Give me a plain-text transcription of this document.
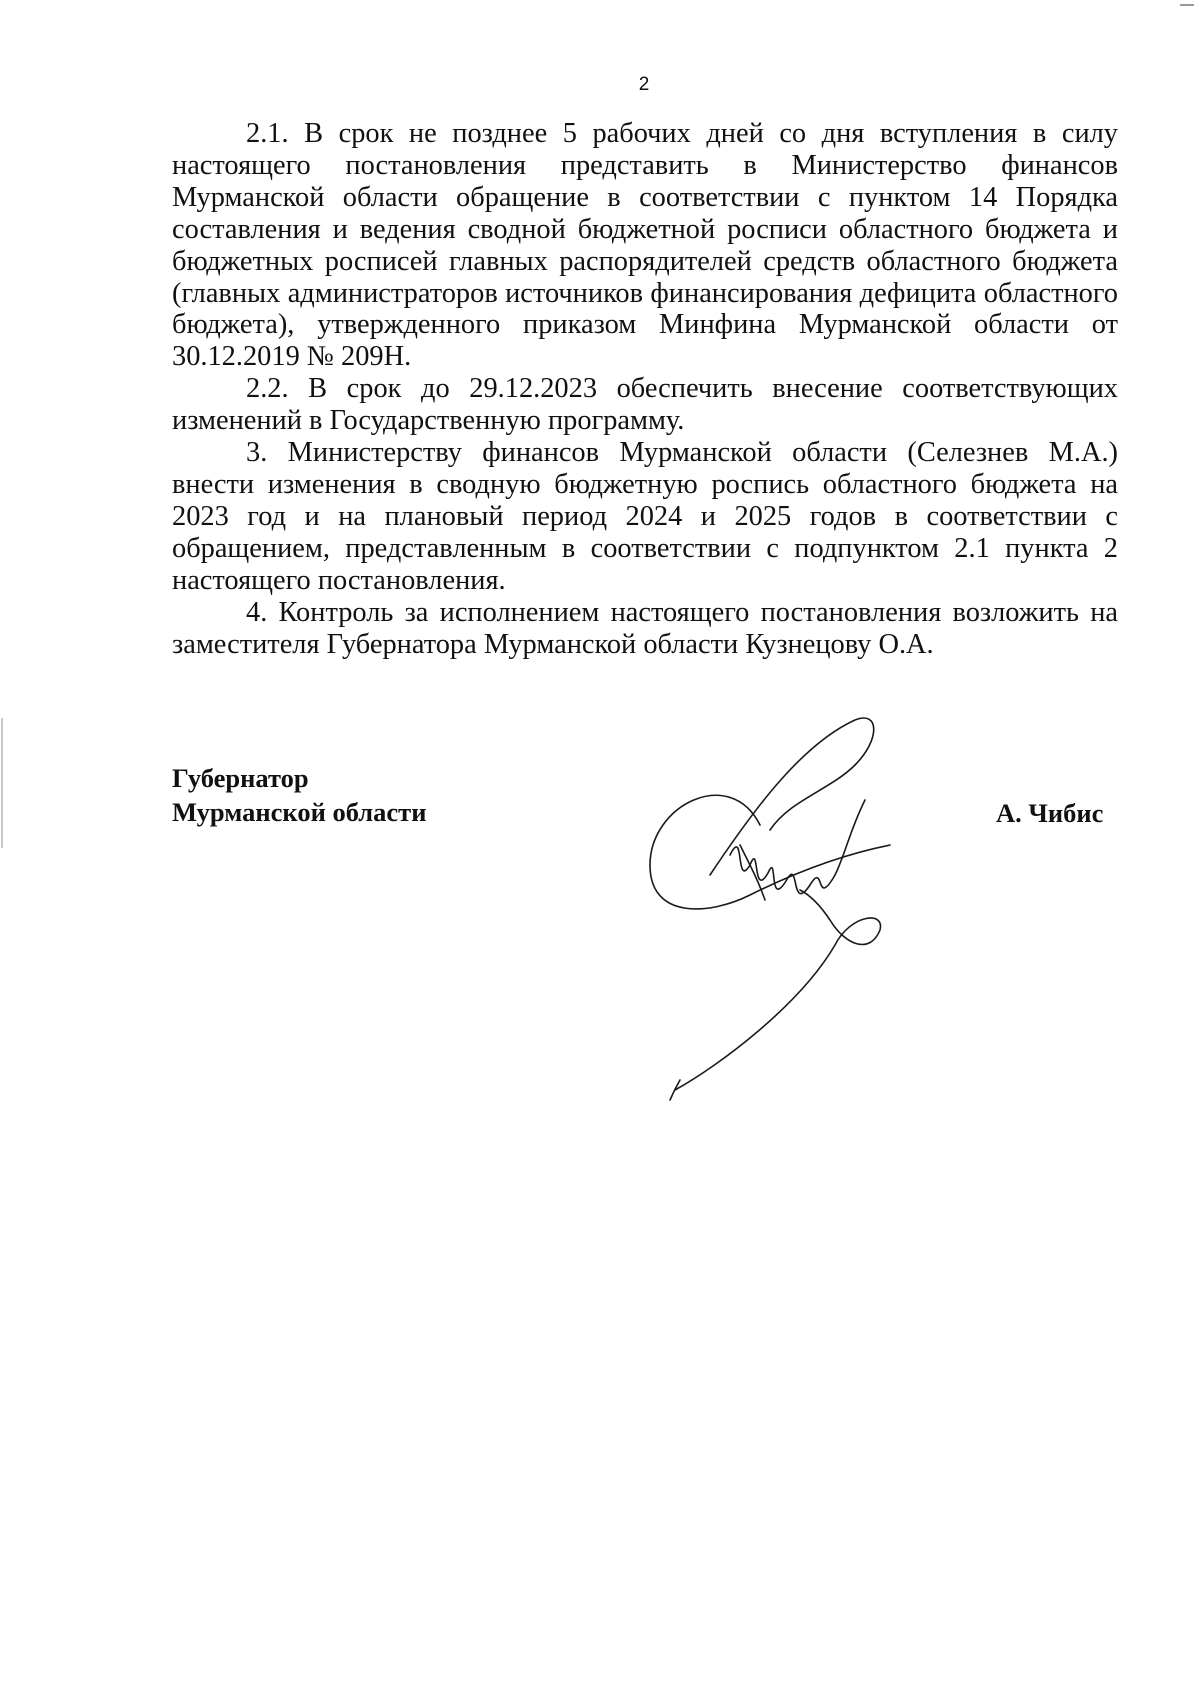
2

2.1. В срок не позднее 5 рабочих дней со дня вступления в силу настоящего постановления представить в Министерство финансов Мурманской области обращение в соответствии с пунктом 14 Порядка составления и ведения сводной бюджетной росписи областного бюджета и бюджетных росписей главных распорядителей средств областного бюджета (главных администраторов источников финансирования дефицита областного бюджета), утвержденного приказом Минфина Мурманской области от 30.12.2019 № 209Н.

2.2. В срок до 29.12.2023 обеспечить внесение соответствующих изменений в Государственную программу.

3. Министерству финансов Мурманской области (Селезнев М.А.) внести изменения в сводную бюджетную роспись областного бюджета на 2023 год и на плановый период 2024 и 2025 годов в соответствии с обращением, представленным в соответствии с подпунктом 2.1 пункта 2 настоящего постановления.

4. Контроль за исполнением настоящего постановления возложить на заместителя Губернатора Мурманской области Кузнецову О.А.

Губернатор
Мурманской области	А. Чибис
